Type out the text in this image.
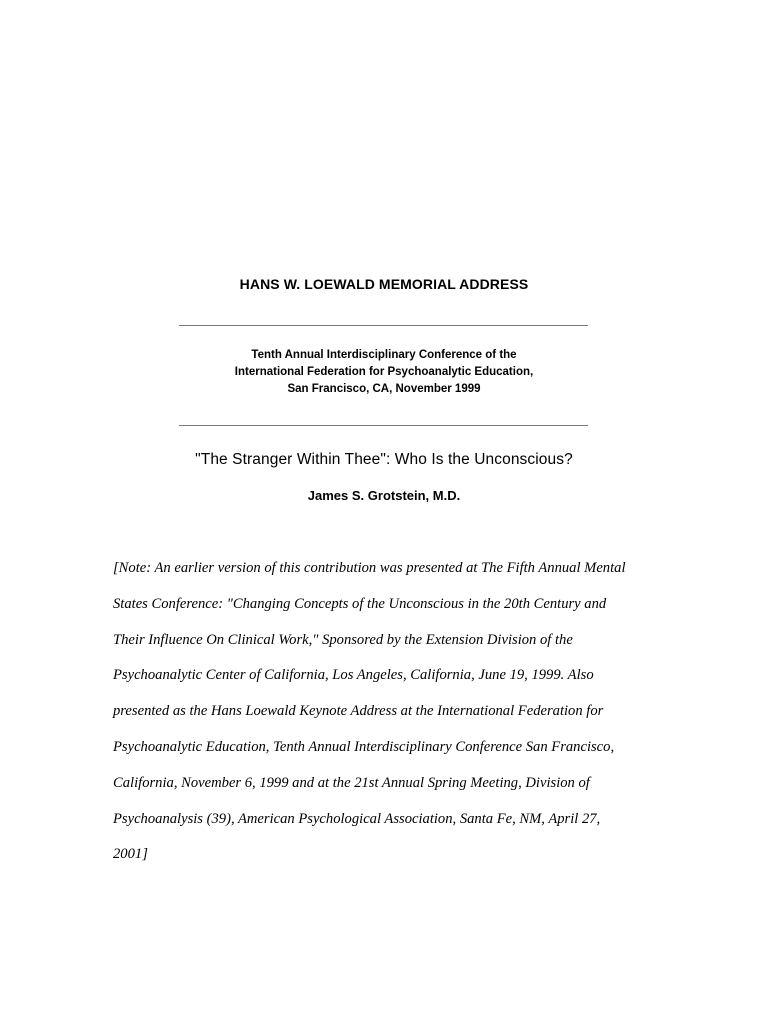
HANS W. LOEWALD MEMORIAL ADDRESS
Tenth Annual Interdisciplinary Conference of the
International Federation for Psychoanalytic Education,
San Francisco, CA, November 1999
"The Stranger Within Thee": Who Is the Unconscious?
James S. Grotstein, M.D.

[Note: An earlier version of this contribution was presented at The Fifth Annual Mental

States Conference: "Changing Concepts of the Unconscious in the 20th Century and

Their Influence On Clinical Work," Sponsored by the Extension Division of the

Psychoanalytic Center of California, Los Angeles, California, June 19, 1999. Also

presented as the Hans Loewald Keynote Address at the International Federation for

Psychoanalytic Education, Tenth Annual Interdisciplinary Conference San Francisco,

California, November 6, 1999 and at the 21st Annual Spring Meeting, Division of

Psychoanalysis (39), American Psychological Association, Santa Fe, NM, April 27,

2001]
